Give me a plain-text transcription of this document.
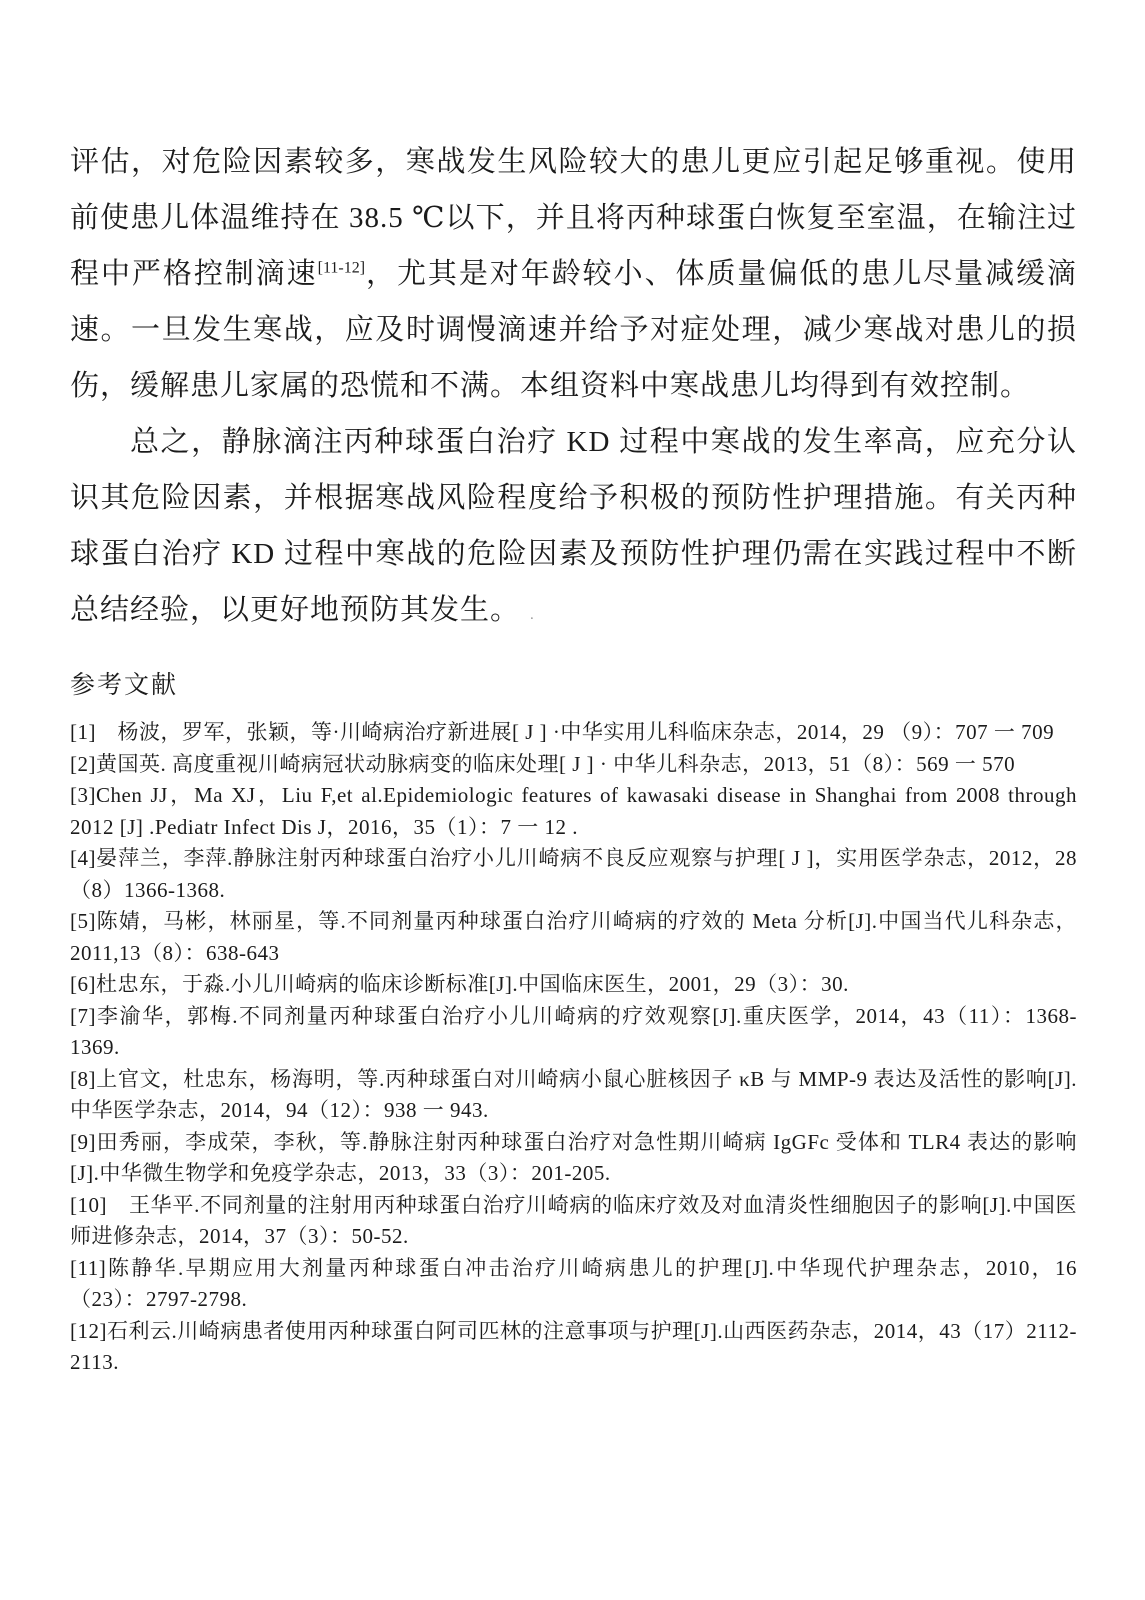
评估，对危险因素较多，寒战发生风险较大的患儿更应引起足够重视。使用前使患儿体温维持在 38.5 ℃以下，并且将丙种球蛋白恢复至室温，在输注过程中严格控制滴速[11-12]，尤其是对年龄较小、体质量偏低的患儿尽量减缓滴速。一旦发生寒战，应及时调慢滴速并给予对症处理，减少寒战对患儿的损伤，缓解患儿家属的恐慌和不满。本组资料中寒战患儿均得到有效控制。

总之，静脉滴注丙种球蛋白治疗 KD 过程中寒战的发生率高，应充分认识其危险因素，并根据寒战风险程度给予积极的预防性护理措施。有关丙种球蛋白治疗 KD 过程中寒战的危险因素及预防性护理仍需在实践过程中不断总结经验，以更好地预防其发生。 .

参考文献

[1]　杨波，罗军，张颖，等·川崎病治疗新进展[ J ] ·中华实用儿科临床杂志，2014，29 （9）：707 一 709

[2]黄国英. 高度重视川崎病冠状动脉病变的临床处理[ J ] · 中华儿科杂志，2013，51（8）：569 一 570

[3]Chen JJ，Ma XJ，Liu F,et al.Epidemiologic features of kawasaki disease in Shanghai from 2008 through 2012 [J] .Pediatr Infect Dis J，2016，35（1）：7 一 12 .

[4]晏萍兰，李萍.静脉注射丙种球蛋白治疗小儿川崎病不良反应观察与护理[ J ]，实用医学杂志，2012，28（8）1366-1368.

[5]陈婧，马彬，林丽星，等.不同剂量丙种球蛋白治疗川崎病的疗效的 Meta 分析[J].中国当代儿科杂志，2011,13（8）：638-643

[6]杜忠东，于淼.小儿川崎病的临床诊断标准[J].中国临床医生，2001，29（3）：30.

[7]李渝华，郭梅.不同剂量丙种球蛋白治疗小儿川崎病的疗效观察[J].重庆医学，2014，43（11）：1368-1369.

[8]上官文，杜忠东，杨海明，等.丙种球蛋白对川崎病小鼠心脏核因子 κB 与 MMP-9 表达及活性的影响[J].中华医学杂志，2014，94（12）：938 一 943.

[9]田秀丽，李成荣，李秋，等.静脉注射丙种球蛋白治疗对急性期川崎病 IgGFc 受体和 TLR4 表达的影响[J].中华微生物学和免疫学杂志，2013，33（3）：201-205.

[10]　王华平.不同剂量的注射用丙种球蛋白治疗川崎病的临床疗效及对血清炎性细胞因子的影响[J].中国医师进修杂志，2014，37（3）：50-52.

[11]陈静华.早期应用大剂量丙种球蛋白冲击治疗川崎病患儿的护理[J].中华现代护理杂志，2010，16（23）：2797-2798.

[12]石利云.川崎病患者使用丙种球蛋白阿司匹林的注意事项与护理[J].山西医药杂志，2014，43（17）2112-2113.
